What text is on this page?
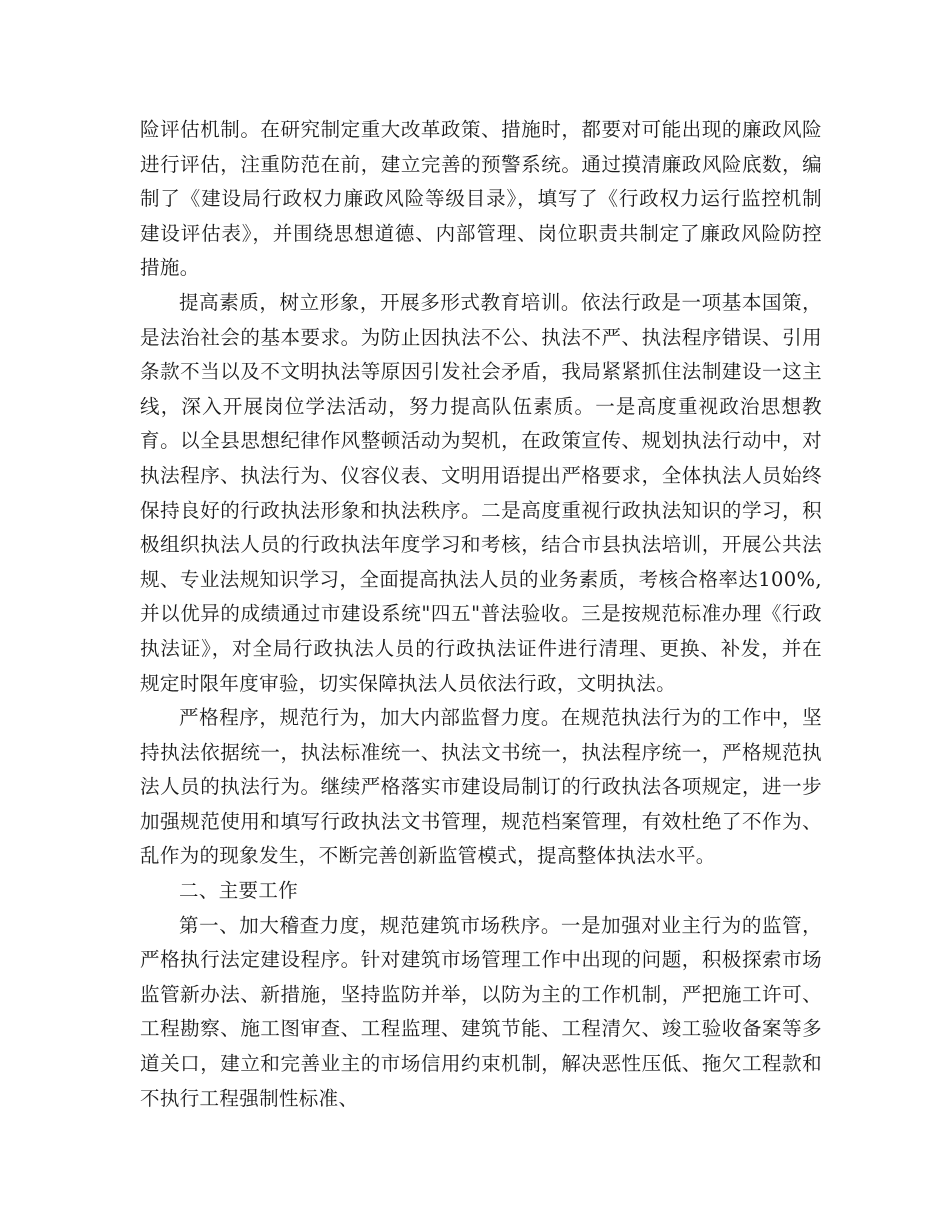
险评估机制。在研究制定重大改革政策、措施时，都要对可能出现的廉政风险进行评估，注重防范在前，建立完善的预警系统。通过摸清廉政风险底数，编制了《建设局行政权力廉政风险等级目录》，填写了《行政权力运行监控机制建设评估表》，并围绕思想道德、内部管理、岗位职责共制定了廉政风险防控措施。

提高素质，树立形象，开展多形式教育培训。依法行政是一项基本国策，是法治社会的基本要求。为防止因执法不公、执法不严、执法程序错误、引用条款不当以及不文明执法等原因引发社会矛盾，我局紧紧抓住法制建设一这主线，深入开展岗位学法活动，努力提高队伍素质。一是高度重视政治思想教育。以全县思想纪律作风整顿活动为契机，在政策宣传、规划执法行动中，对执法程序、执法行为、仪容仪表、文明用语提出严格要求，全体执法人员始终保持良好的行政执法形象和执法秩序。二是高度重视行政执法知识的学习，积极组织执法人员的行政执法年度学习和考核，结合市县执法培训，开展公共法规、专业法规知识学习，全面提高执法人员的业务素质，考核合格率达100%,并以优异的成绩通过市建设系统"四五"普法验收。三是按规范标准办理《行政执法证》，对全局行政执法人员的行政执法证件进行清理、更换、补发，并在规定时限年度审验，切实保障执法人员依法行政，文明执法。

严格程序，规范行为，加大内部监督力度。在规范执法行为的工作中，坚持执法依据统一，执法标准统一、执法文书统一，执法程序统一，严格规范执法人员的执法行为。继续严格落实市建设局制订的行政执法各项规定，进一步加强规范使用和填写行政执法文书管理，规范档案管理，有效杜绝了不作为、乱作为的现象发生，不断完善创新监管模式，提高整体执法水平。

二、主要工作

第一、加大稽查力度，规范建筑市场秩序。一是加强对业主行为的监管，严格执行法定建设程序。针对建筑市场管理工作中出现的问题，积极探索市场监管新办法、新措施，坚持监防并举，以防为主的工作机制，严把施工许可、工程勘察、施工图审查、工程监理、建筑节能、工程清欠、竣工验收备案等多道关口，建立和完善业主的市场信用约束机制，解决恶性压低、拖欠工程款和不执行工程强制性标准、
